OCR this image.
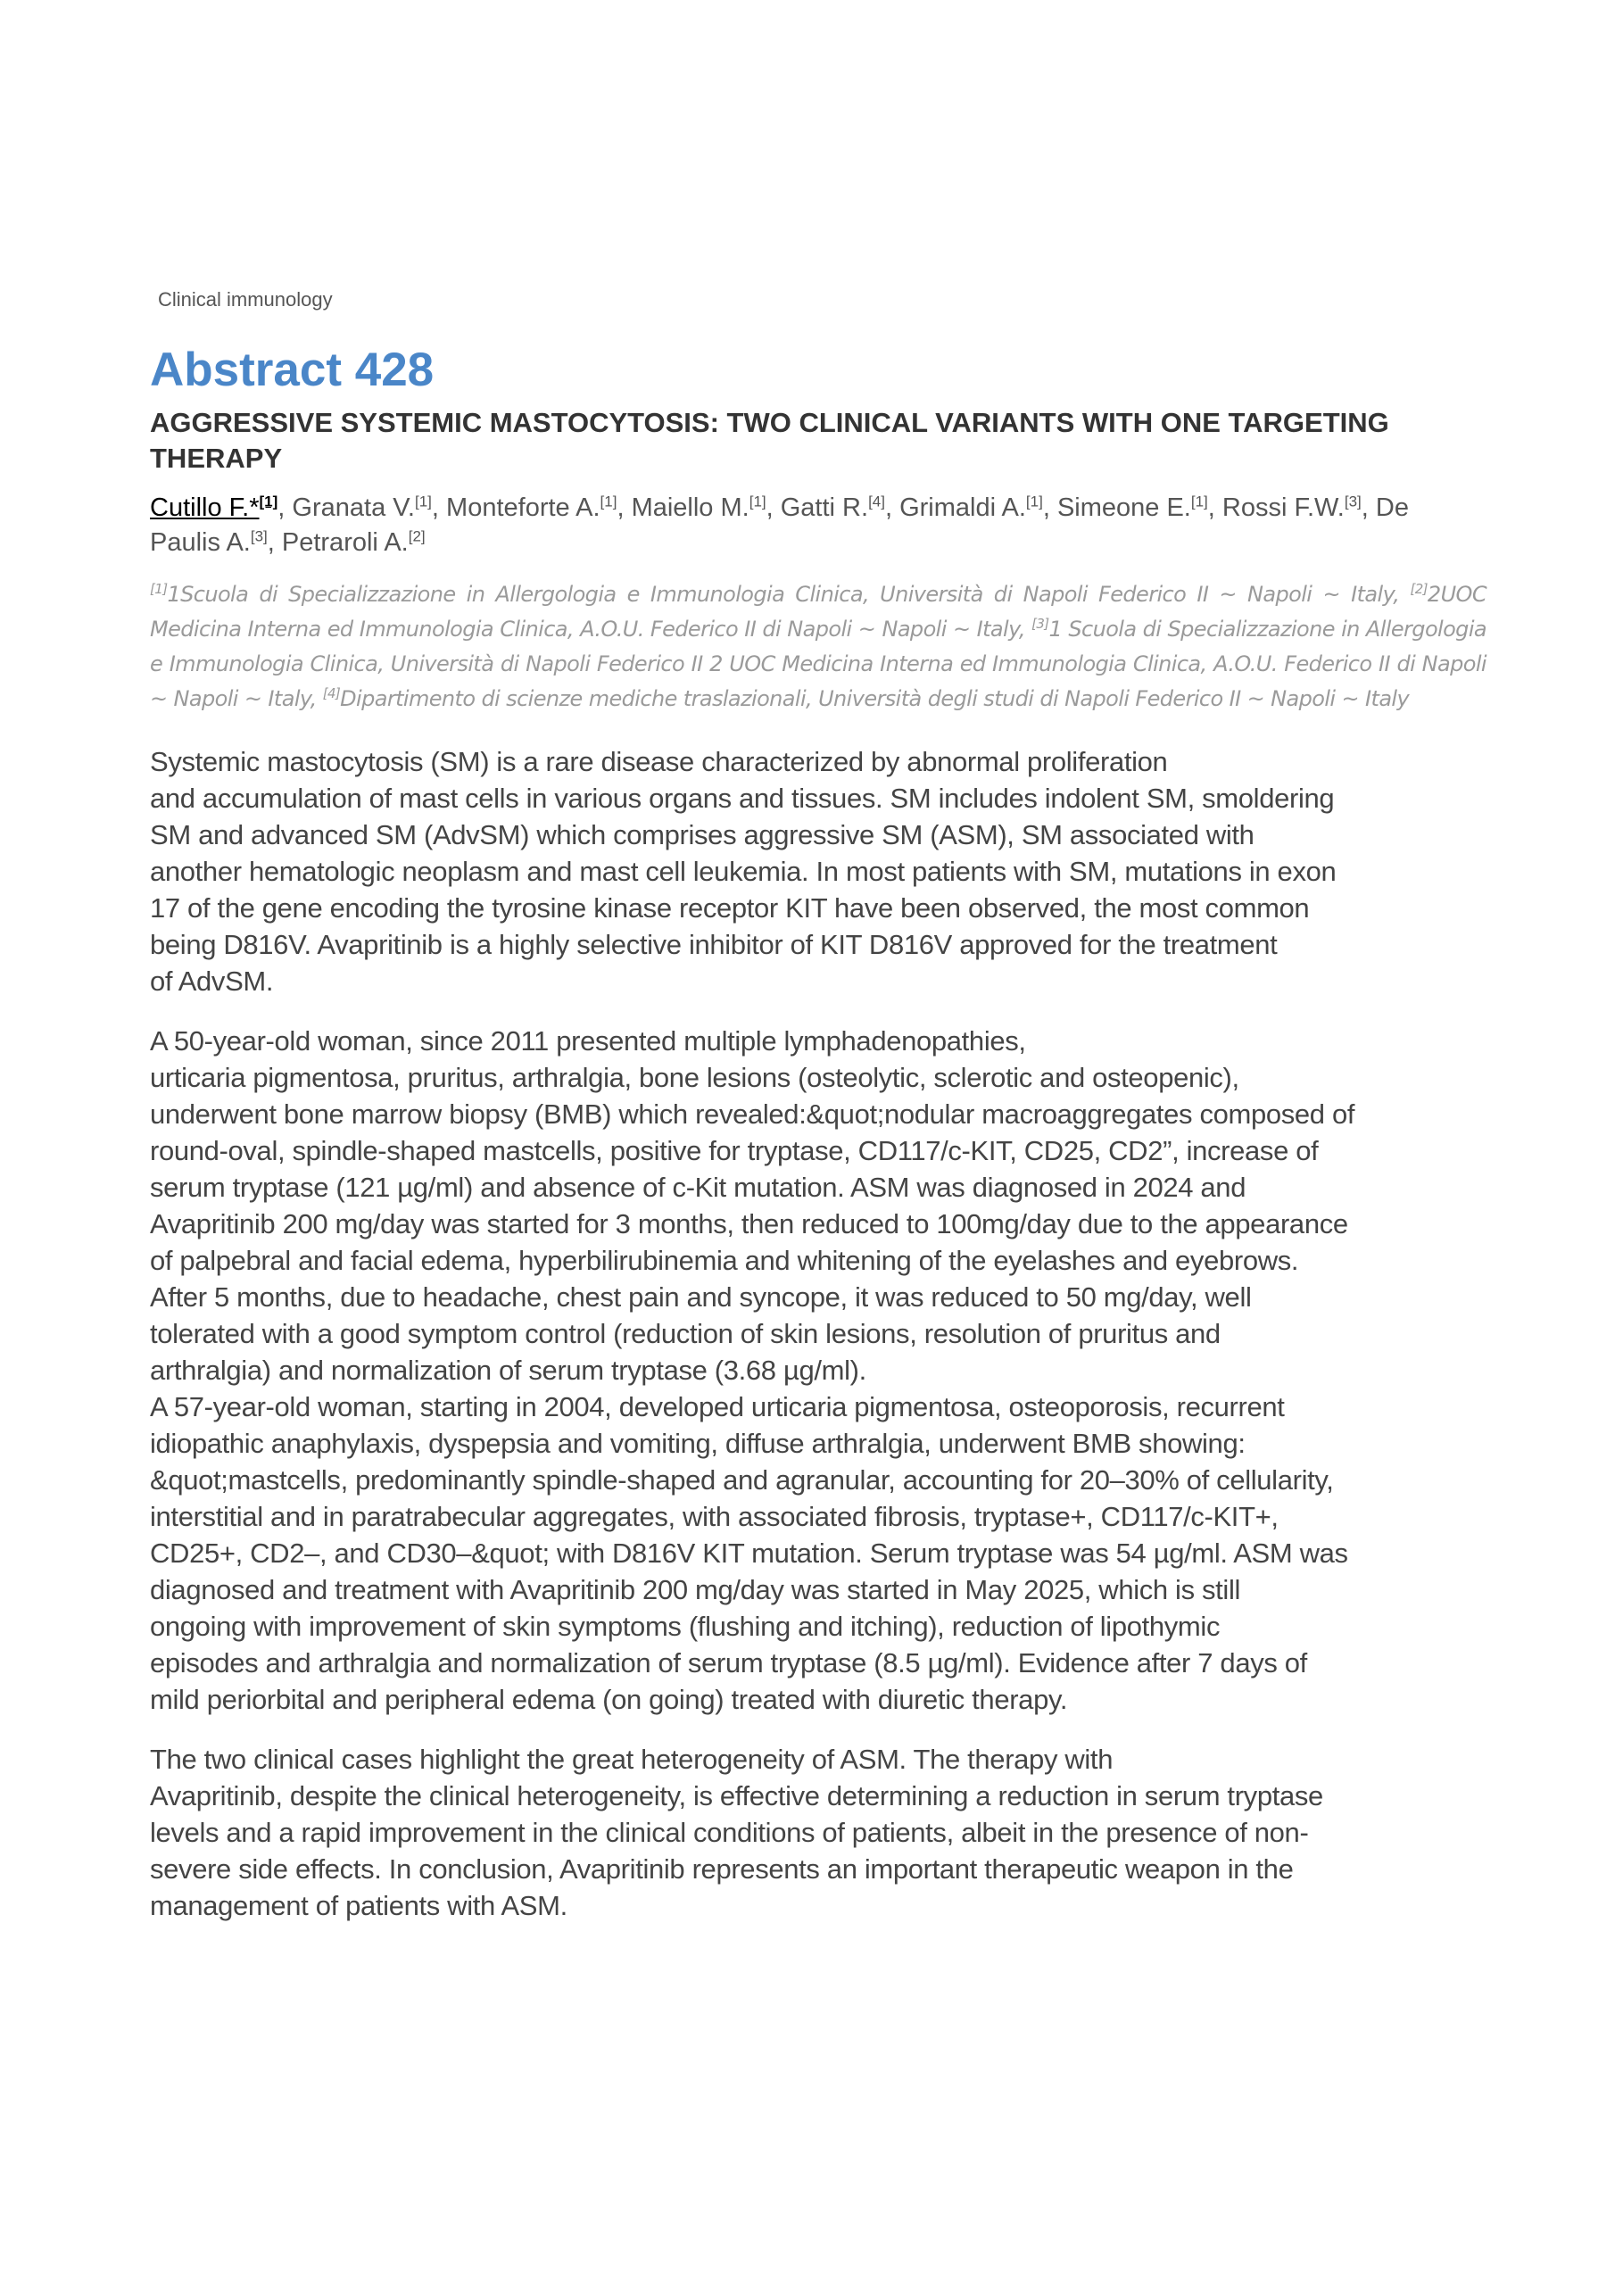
Clinical immunology
Abstract 428
AGGRESSIVE SYSTEMIC MASTOCYTOSIS: TWO CLINICAL VARIANTS WITH ONE TARGETING
THERAPY
Cutillo F.*[1], Granata V.[1], Monteforte A.[1], Maiello M.[1], Gatti R.[4], Grimaldi A.[1], Simeone E.[1], Rossi F.W.[3], De Paulis A.[3], Petraroli A.[2]
[1]1Scuola di Specializzazione in Allergologia e Immunologia Clinica, Università di Napoli Federico II ~ Napoli ~ Italy, [2]2UOC Medicina Interna ed Immunologia Clinica, A.O.U. Federico II di Napoli ~ Napoli ~ Italy, [3]1 Scuola di Specializzazione in Allergologia e Immunologia Clinica, Università di Napoli Federico II 2 UOC Medicina Interna ed Immunologia Clinica, A.O.U. Federico II di Napoli ~ Napoli ~ Italy, [4]Dipartimento di scienze mediche traslazionali, Università degli studi di Napoli Federico II ~ Napoli ~ Italy
Systemic mastocytosis (SM) is a rare disease characterized by abnormal proliferation
and accumulation of mast cells in various organs and tissues. SM includes indolent SM, smoldering
SM and advanced SM (AdvSM) which comprises aggressive SM (ASM), SM associated with
another hematologic neoplasm and mast cell leukemia. In most patients with SM, mutations in exon
17 of the gene encoding the tyrosine kinase receptor KIT have been observed, the most common
being D816V. Avapritinib is a highly selective inhibitor of KIT D816V approved for the treatment
of AdvSM.
A 50-year-old woman, since 2011 presented multiple lymphadenopathies,
urticaria pigmentosa, pruritus, arthralgia, bone lesions (osteolytic, sclerotic and osteopenic),
underwent bone marrow biopsy (BMB) which revealed:&quot;nodular macroaggregates composed of
round-oval, spindle-shaped mastcells, positive for tryptase, CD117/c-KIT, CD25, CD2”, increase of
serum tryptase (121 µg/ml) and absence of c-Kit mutation. ASM was diagnosed in 2024 and
Avapritinib 200 mg/day was started for 3 months, then reduced to 100mg/day due to the appearance
of palpebral and facial edema, hyperbilirubinemia and whitening of the eyelashes and eyebrows.
After 5 months, due to headache, chest pain and syncope, it was reduced to 50 mg/day, well
tolerated with a good symptom control (reduction of skin lesions, resolution of pruritus and
arthralgia) and normalization of serum tryptase (3.68 µg/ml).
A 57-year-old woman, starting in 2004, developed urticaria pigmentosa, osteoporosis, recurrent
idiopathic anaphylaxis, dyspepsia and vomiting, diffuse arthralgia, underwent BMB showing:
&quot;mastcells, predominantly spindle-shaped and agranular, accounting for 20–30% of cellularity,
interstitial and in paratrabecular aggregates, with associated fibrosis, tryptase+, CD117/c-KIT+,
CD25+, CD2–, and CD30–&quot; with D816V KIT mutation. Serum tryptase was 54 µg/ml. ASM was
diagnosed and treatment with Avapritinib 200 mg/day was started in May 2025, which is still
ongoing with improvement of skin symptoms (flushing and itching), reduction of lipothymic
episodes and arthralgia and normalization of serum tryptase (8.5 µg/ml). Evidence after 7 days of
mild periorbital and peripheral edema (on going) treated with diuretic therapy.
The two clinical cases highlight the great heterogeneity of ASM. The therapy with
Avapritinib, despite the clinical heterogeneity, is effective determining a reduction in serum tryptase
levels and a rapid improvement in the clinical conditions of patients, albeit in the presence of non-
severe side effects. In conclusion, Avapritinib represents an important therapeutic weapon in the
management of patients with ASM.
